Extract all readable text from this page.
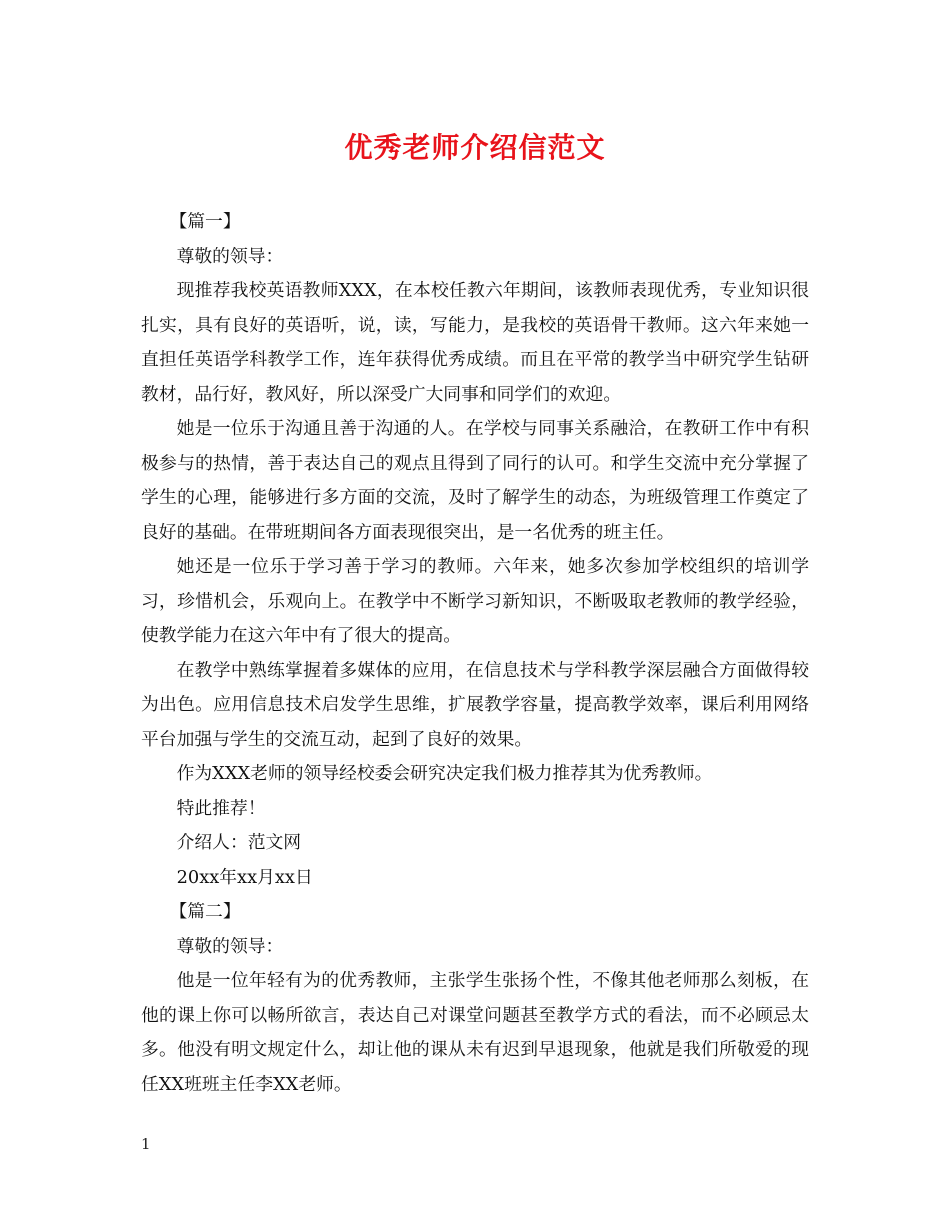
优秀老师介绍信范文

【篇一】

尊敬的领导：

现推荐我校英语教师XXX，在本校任教六年期间，该教师表现优秀，专业知识很扎实，具有良好的英语听，说，读，写能力，是我校的英语骨干教师。这六年来她一直担任英语学科教学工作，连年获得优秀成绩。而且在平常的教学当中研究学生钻研教材，品行好，教风好，所以深受广大同事和同学们的欢迎。

她是一位乐于沟通且善于沟通的人。在学校与同事关系融洽，在教研工作中有积极参与的热情，善于表达自己的观点且得到了同行的认可。和学生交流中充分掌握了学生的心理，能够进行多方面的交流，及时了解学生的动态，为班级管理工作奠定了良好的基础。在带班期间各方面表现很突出，是一名优秀的班主任。

她还是一位乐于学习善于学习的教师。六年来，她多次参加学校组织的培训学习，珍惜机会，乐观向上。在教学中不断学习新知识，不断吸取老教师的教学经验，使教学能力在这六年中有了很大的提高。

在教学中熟练掌握着多媒体的应用，在信息技术与学科教学深层融合方面做得较为出色。应用信息技术启发学生思维，扩展教学容量，提高教学效率，课后利用网络平台加强与学生的交流互动，起到了良好的效果。

作为XXX老师的领导经校委会研究决定我们极力推荐其为优秀教师。

特此推荐！

介绍人：范文网

20xx年xx月xx日

【篇二】

尊敬的领导：

他是一位年轻有为的优秀教师，主张学生张扬个性，不像其他老师那么刻板，在他的课上你可以畅所欲言，表达自己对课堂问题甚至教学方式的看法，而不必顾忌太多。他没有明文规定什么，却让他的课从未有迟到早退现象，他就是我们所敬爱的现任XX班班主任李XX老师。

1
